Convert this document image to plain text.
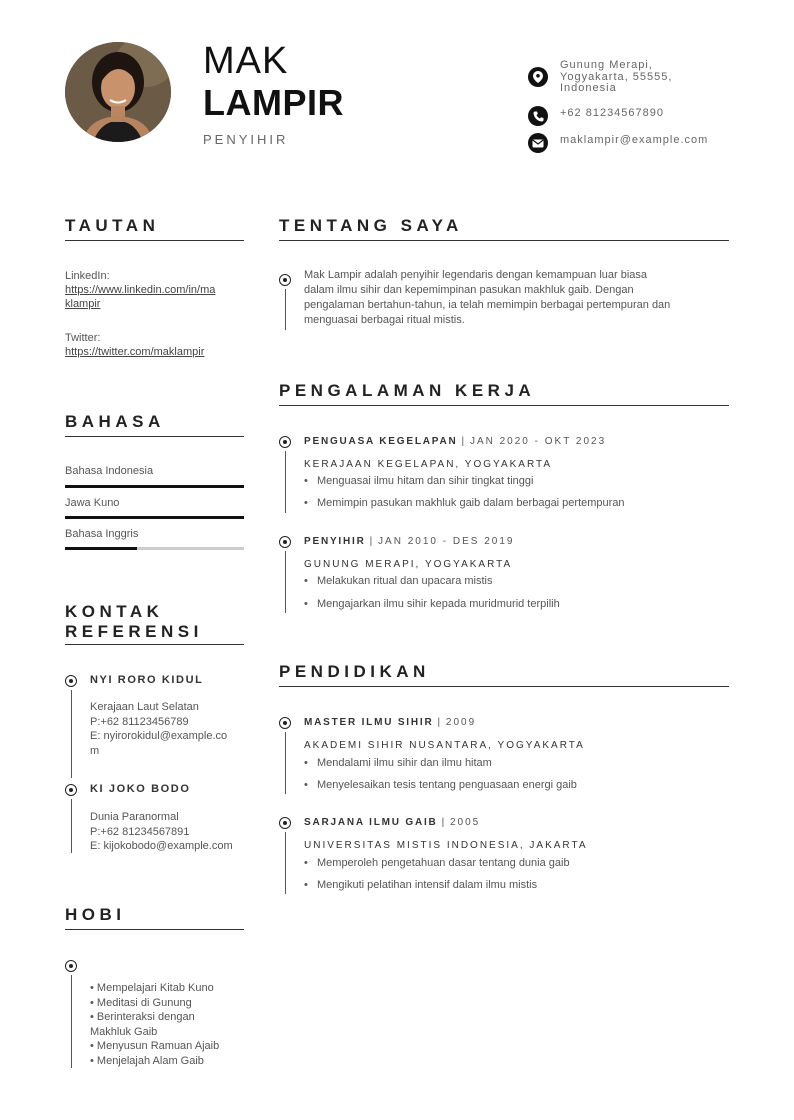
MAK
LAMPIR
PENYIHIR
Gunung Merapi,
Yogyakarta, 55555,
Indonesia
+62 81234567890
maklampir@example.com
TAUTAN
LinkedIn:
https://www.linkedin.com/in/ma
klampir
Twitter:
https://twitter.com/maklampir
BAHASA
Bahasa Indonesia
Jawa Kuno
Bahasa Inggris
KONTAK
REFERENSI
NYI RORO KIDUL
Kerajaan Laut Selatan
P:+62 81123456789
E: nyirorokidul@example.co
m
KI JOKO BODO
Dunia Paranormal
P:+62 81234567891
E: kijokobodo@example.com
HOBI
• Mempelajari Kitab Kuno
• Meditasi di Gunung
• Berinteraksi dengan
Makhluk Gaib
• Menyusun Ramuan Ajaib
• Menjelajah Alam Gaib
TENTANG SAYA
Mak Lampir adalah penyihir legendaris dengan kemampuan luar biasa
dalam ilmu sihir dan kepemimpinan pasukan makhluk gaib. Dengan
pengalaman bertahun-tahun, ia telah memimpin berbagai pertempuran dan
menguasai berbagai ritual mistis.
PENGALAMAN KERJA
PENGUASA KEGELAPAN | JAN 2020 - OKT 2023
KERAJAAN KEGELAPAN, YOGYAKARTA
• Menguasai ilmu hitam dan sihir tingkat tinggi
• Memimpin pasukan makhluk gaib dalam berbagai pertempuran
PENYIHIR | JAN 2010 - DES 2019
GUNUNG MERAPI, YOGYAKARTA
• Melakukan ritual dan upacara mistis
• Mengajarkan ilmu sihir kepada muridmurid terpilih
PENDIDIKAN
MASTER ILMU SIHIR | 2009
AKADEMI SIHIR NUSANTARA, YOGYAKARTA
• Mendalami ilmu sihir dan ilmu hitam
• Menyelesaikan tesis tentang penguasaan energi gaib
SARJANA ILMU GAIB | 2005
UNIVERSITAS MISTIS INDONESIA, JAKARTA
• Memperoleh pengetahuan dasar tentang dunia gaib
• Mengikuti pelatihan intensif dalam ilmu mistis
